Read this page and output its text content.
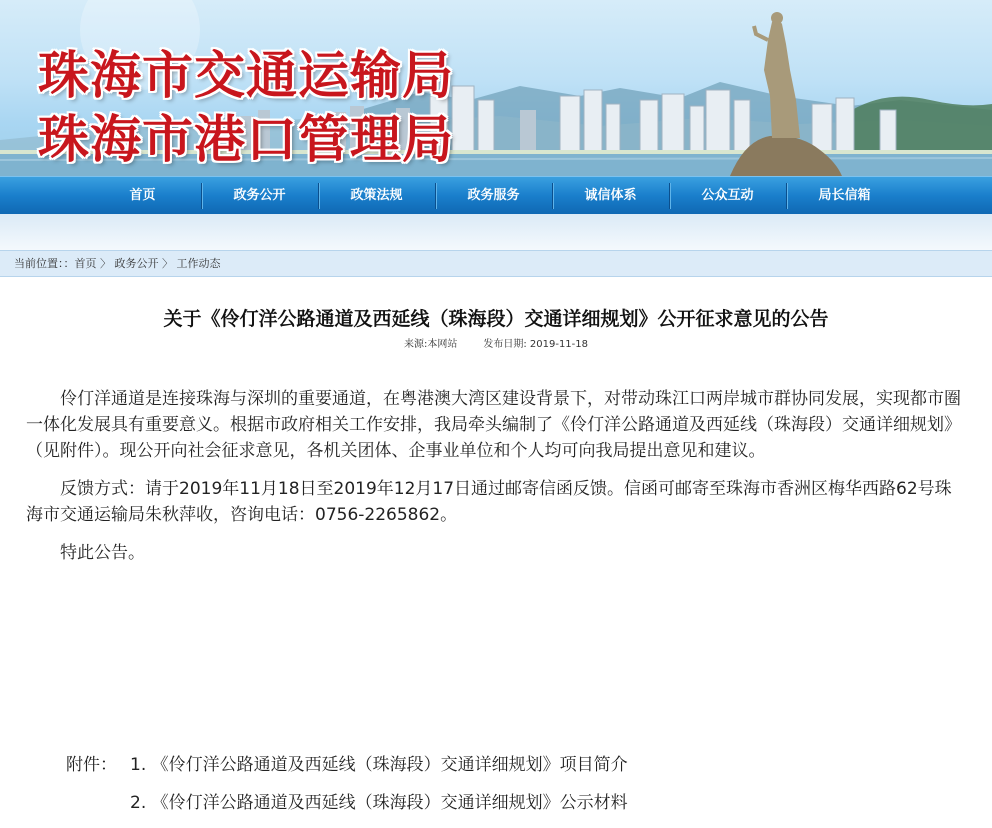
珠海市交通运输局
珠海市港口管理局
首页	政务公开	政策法规	政务服务	诚信体系	公众互动	局长信箱
当前位置：：首页 〉 政务公开 〉 工作动态
关于《伶仃洋公路通道及西延线（珠海段）交通详细规划》公开征求意见的公告
来源:本网站	发布日期: 2019-11-18

伶仃洋通道是连接珠海与深圳的重要通道，在粤港澳大湾区建设背景下，对带动珠江口两岸城市群协同发展，实现都市圈一体化发展具有重要意义。根据市政府相关工作安排，我局牵头编制了《伶仃洋公路通道及西延线（珠海段）交通详细规划》（见附件）。现公开向社会征求意见，各机关团体、企事业单位和个人均可向我局提出意见和建议。

反馈方式：请于2019年11月18日至2019年12月17日通过邮寄信函反馈。信函可邮寄至珠海市香洲区梅华西路62号珠海市交通运输局朱秋萍收，咨询电话：0756-2265862。

特此公告。

附件： 1. 《伶仃洋公路通道及西延线（珠海段）交通详细规划》项目简介
2. 《伶仃洋公路通道及西延线（珠海段）交通详细规划》公示材料
